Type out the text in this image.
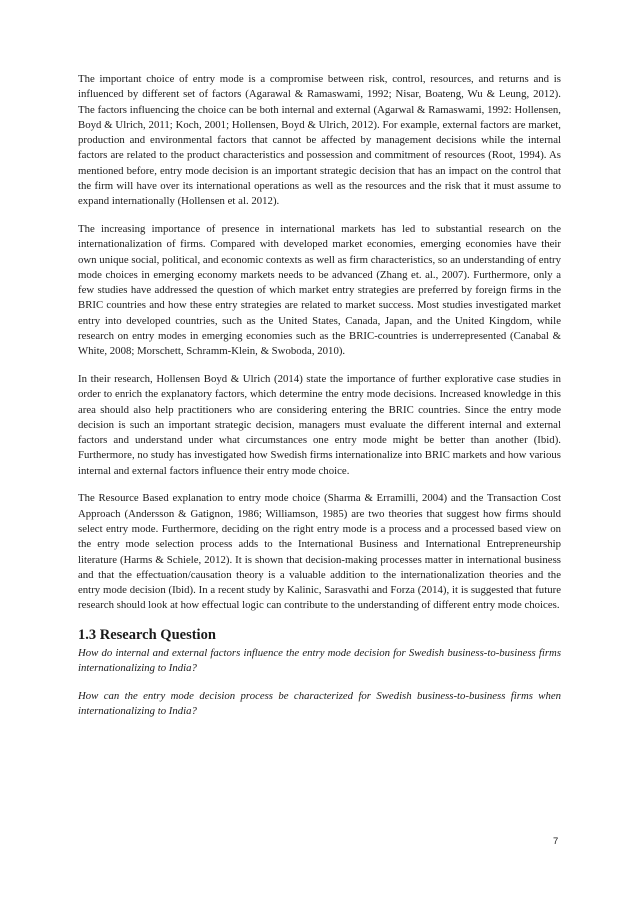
The important choice of entry mode is a compromise between risk, control, resources, and returns and is influenced by different set of factors (Agarawal & Ramaswami, 1992; Nisar, Boateng, Wu & Leung, 2012). The factors influencing the choice can be both internal and external (Agarwal & Ramaswami, 1992: Hollensen, Boyd & Ulrich, 2011; Koch, 2001; Hollensen, Boyd & Ulrich, 2012). For example, external factors are market, production and environmental factors that cannot be affected by management decisions while the internal factors are related to the product characteristics and possession and commitment of resources (Root, 1994). As mentioned before, entry mode decision is an important strategic decision that has an impact on the control that the firm will have over its international operations as well as the resources and the risk that it must assume to expand internationally (Hollensen et al. 2012).

The increasing importance of presence in international markets has led to substantial research on the internationalization of firms. Compared with developed market economies, emerging economies have their own unique social, political, and economic contexts as well as firm characteristics, so an understanding of entry mode choices in emerging economy markets needs to be advanced (Zhang et. al., 2007). Furthermore, only a few studies have addressed the question of which market entry strategies are preferred by foreign firms in the BRIC countries and how these entry strategies are related to market success. Most studies investigated market entry into developed countries, such as the United States, Canada, Japan, and the United Kingdom, while research on entry modes in emerging economies such as the BRIC-countries is underrepresented (Canabal & White, 2008; Morschett, Schramm-Klein, & Swoboda, 2010).

In their research, Hollensen Boyd & Ulrich (2014) state the importance of further explorative case studies in order to enrich the explanatory factors, which determine the entry mode decisions. Increased knowledge in this area should also help practitioners who are considering entering the BRIC countries. Since the entry mode decision is such an important strategic decision, managers must evaluate the different internal and external factors and understand under what circumstances one entry mode might be better than another (Ibid). Furthermore, no study has investigated how Swedish firms internationalize into BRIC markets and how various internal and external factors influence their entry mode choice.

The Resource Based explanation to entry mode choice (Sharma & Erramilli, 2004) and the Transaction Cost Approach (Andersson & Gatignon, 1986; Williamson, 1985) are two theories that suggest how firms should select entry mode. Furthermore, deciding on the right entry mode is a process and a processed based view on the entry mode selection process adds to the International Business and International Entrepreneurship literature (Harms & Schiele, 2012). It is shown that decision-making processes matter in international business and that the effectuation/causation theory is a valuable addition to the internationalization theories and the entry mode decision (Ibid). In a recent study by Kalinic, Sarasvathi and Forza (2014), it is suggested that future research should look at how effectual logic can contribute to the understanding of different entry mode choices.

1.3 Research Question

How do internal and external factors influence the entry mode decision for Swedish business-to-business firms internationalizing to India?

How can the entry mode decision process be characterized for Swedish business-to-business firms when internationalizing to India?

7
